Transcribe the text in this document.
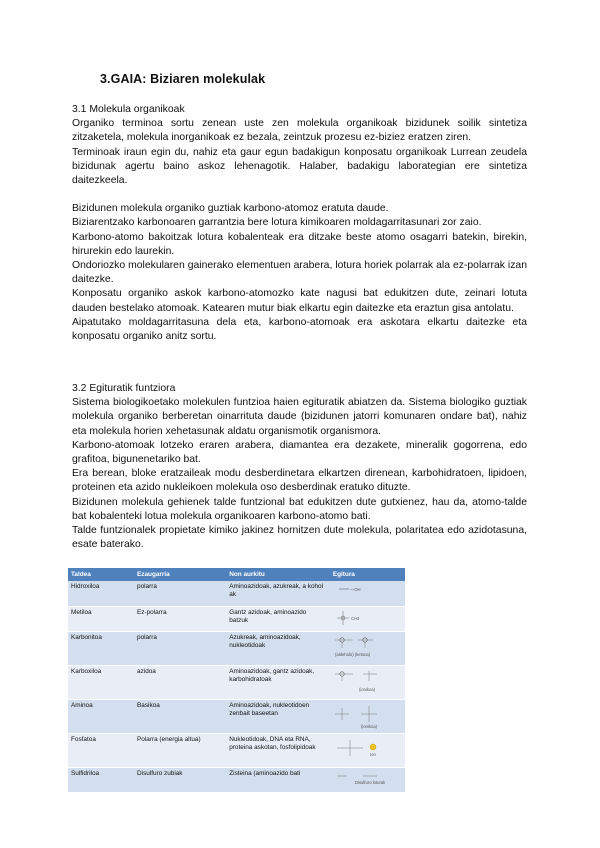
3.GAIA: Biziaren molekulak

3.1 Molekula organikoak

Organiko terminoa sortu zenean uste zen molekula organikoak bizidunek soilik sintetiza zitzaketela, molekula inorganikoak ez bezala, zeintzuk prozesu ez-biziez eratzen ziren.

Terminoak iraun egin du, nahiz eta gaur egun badakigun konposatu organikoak Lurrean zeudela bizidunak agertu baino askoz lehenagotik. Halaber, badakigu laborategian ere sintetiza daitezkeela.

Bizidunen molekula organiko guztiak karbono-atomoz eratuta daude.

Biziarentzako karbonoaren garrantzia bere lotura kimikoaren moldagarritasunari zor zaio.

Karbono-atomo bakoitzak lotura kobalenteak era ditzake beste atomo osagarri batekin, birekin, hirurekin edo laurekin.

Ondoriozko molekularen gainerako elementuen arabera, lotura horiek polarrak ala ez-polarrak izan daitezke.

Konposatu organiko askok karbono-atomozko kate nagusi bat edukitzen dute, zeinari lotuta dauden bestelako atomoak. Katearen mutur biak elkartu egin daitezke eta eraztun gisa antolatu.

Aipatutako moldagarritasuna dela eta, karbono-atomoak era askotara elkartu daitezke eta konposatu organiko anitz sortu.

3.2 Egituratik funtziora

Sistema biologikoetako molekulen funtzioa haien egituratik abiatzen da. Sistema biologiko guztiak molekula organiko berberetan oinarrituta daude (bizidunen jatorri komunaren ondare bat), nahiz eta molekula horien xehetasunak aldatu organismotik organismora.

Karbono-atomoak lotzeko eraren arabera, diamantea era dezakete, mineralik gogorrena, edo grafitoa, bigunenetariko bat.

Era berean, bloke eratzaileak modu desberdinetara elkartzen direnean, karbohidratoen, lipidoen, proteinen eta azido nukleikoen molekula oso desberdinak eratuko dituzte.

Bizidunen molekula gehienek talde funtzional bat edukitzen dute gutxienez, hau da, atomo-talde bat kobalenteki lotua molekula organikoaren karbono-atomo bati.

Talde funtzionalek propietate kimiko jakinez hornitzen dute molekula, polaritatea edo azidotasuna, esate baterako.

Taldea	Ezaugarria	Non aurkitu	Egitura
Hidroxiloa	polarra	Aminoazidoak, azukreak, a kohol ak	—OH

Metiloa	Ez-polarra	Gantz azidoak, aminoazido batzuk	CH3

Karbonitoa	polarra	Azukreak, aminoazidoak, nukleotidoak	(aldehido) (ketona)

Karboxiloa	azidoa	Aminoazidoak, gantz azidoak, karbohidratoak	(ionikoa)

Aminoa	Basikoa	Aminoazidoak, nukleotidoen zenbait baseetan	(ionikoa)

Fosfatoa	Polarra (energia altua)	Nukleotidoak, DNA eta RNA, proteina askotan, fosfolipidoak	Ion

Sulfidriloa	Disulfuro zubiak	Zisteina (aminoazido bati	Disulfuro loturak
